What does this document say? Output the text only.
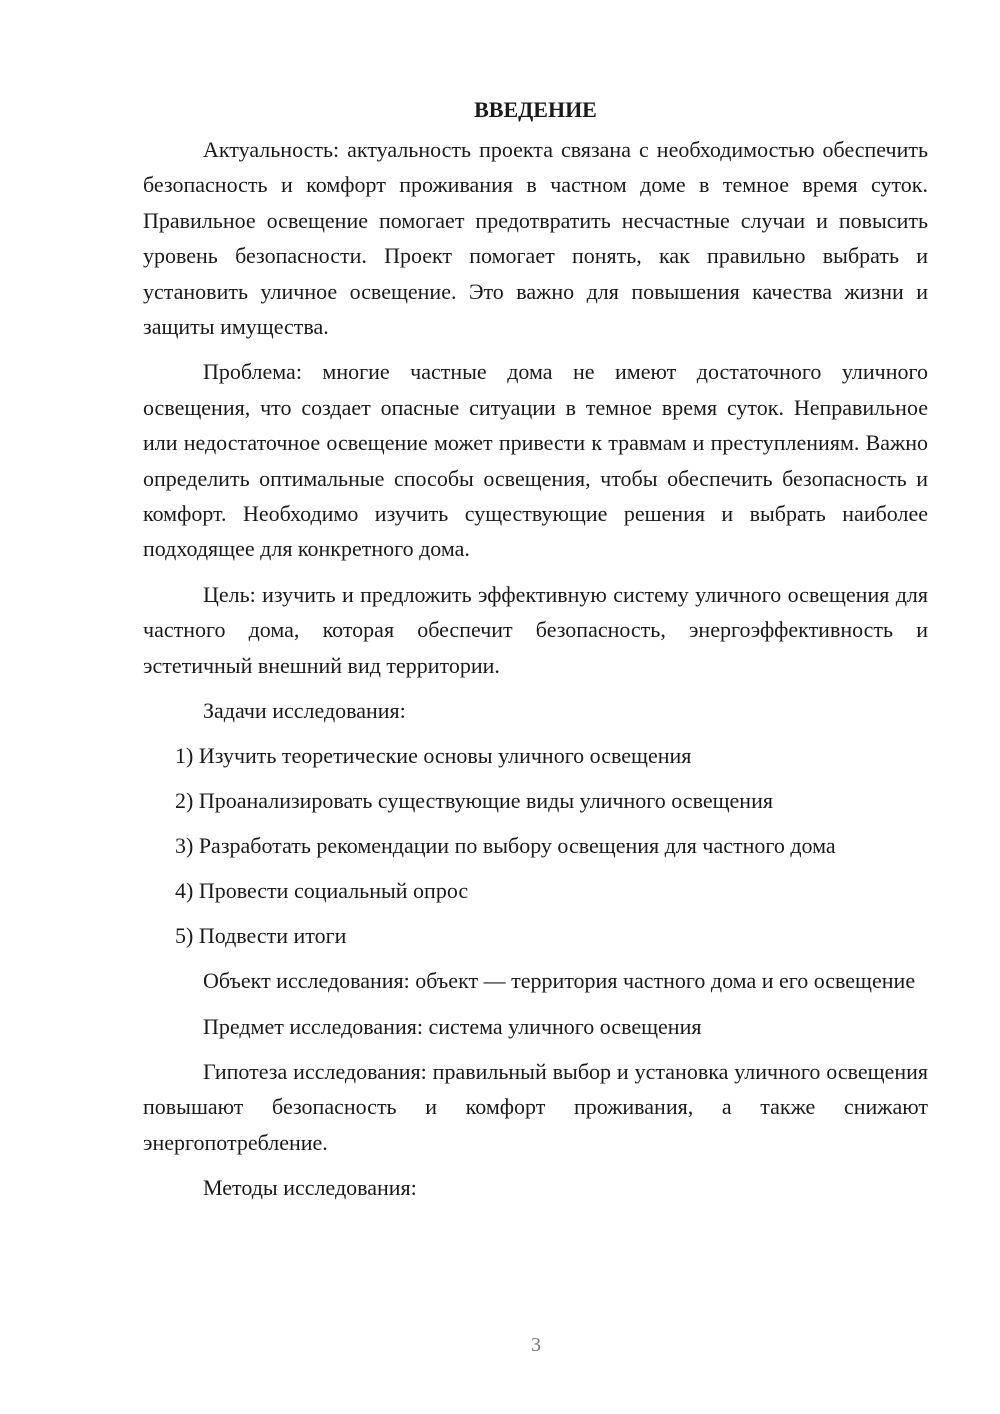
ВВЕДЕНИЕ

Актуальность: актуальность проекта связана с необходимостью обеспечить безопасность и комфорт проживания в частном доме в темное время суток. Правильное освещение помогает предотвратить несчастные случаи и повысить уровень безопасности. Проект помогает понять, как правильно выбрать и установить уличное освещение. Это важно для повышения качества жизни и защиты имущества.

Проблема: многие частные дома не имеют достаточного уличного освещения, что создает опасные ситуации в темное время суток. Неправильное или недостаточное освещение может привести к травмам и преступлениям. Важно определить оптимальные способы освещения, чтобы обеспечить безопасность и комфорт. Необходимо изучить существующие решения и выбрать наиболее подходящее для конкретного дома.

Цель: изучить и предложить эффективную систему уличного освещения для частного дома, которая обеспечит безопасность, энергоэффективность и эстетичный внешний вид территории.

Задачи исследования:
1) Изучить теоретические основы уличного освещения
2) Проанализировать существующие виды уличного освещения
3) Разработать рекомендации по выбору освещения для частного дома
4) Провести социальный опрос
5) Подвести итоги

Объект исследования: объект — территория частного дома и его освещение

Предмет исследования: система уличного освещения

Гипотеза исследования: правильный выбор и установка уличного освещения повышают безопасность и комфорт проживания, а также снижают энергопотребление.

Методы исследования:

3
